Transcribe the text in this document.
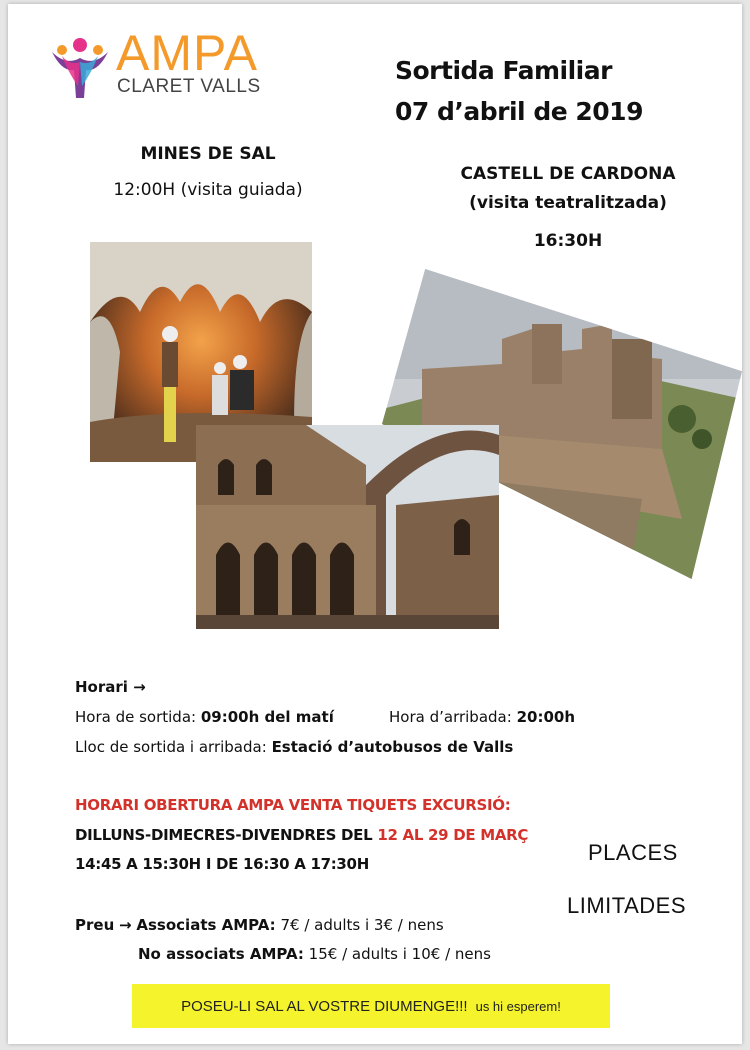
AMPA
CLARET VALLS
Sortida Familiar
07 d’abril de 2019
MINES DE SAL
12:00H (visita guiada)
CASTELL DE CARDONA
(visita teatralitzada)
16:30H
Horari →
Hora de sortida: 09:00h del matí	Hora d’arribada: 20:00h
Lloc de sortida i arribada: Estació d’autobusos de Valls
HORARI OBERTURA AMPA VENTA TIQUETS EXCURSIÓ:
DILLUNS-DIMECRES-DIVENDRES DEL 12 AL 29 DE MARÇ
14:45 A 15:30H I DE 16:30 A 17:30H	PLACES
LIMITADES
Preu → Associats AMPA: 7€ / adults i 3€ / nens
No associats AMPA: 15€ / adults i 10€ / nens
POSEU-LI SAL AL VOSTRE DIUMENGE!!! us hi esperem!
